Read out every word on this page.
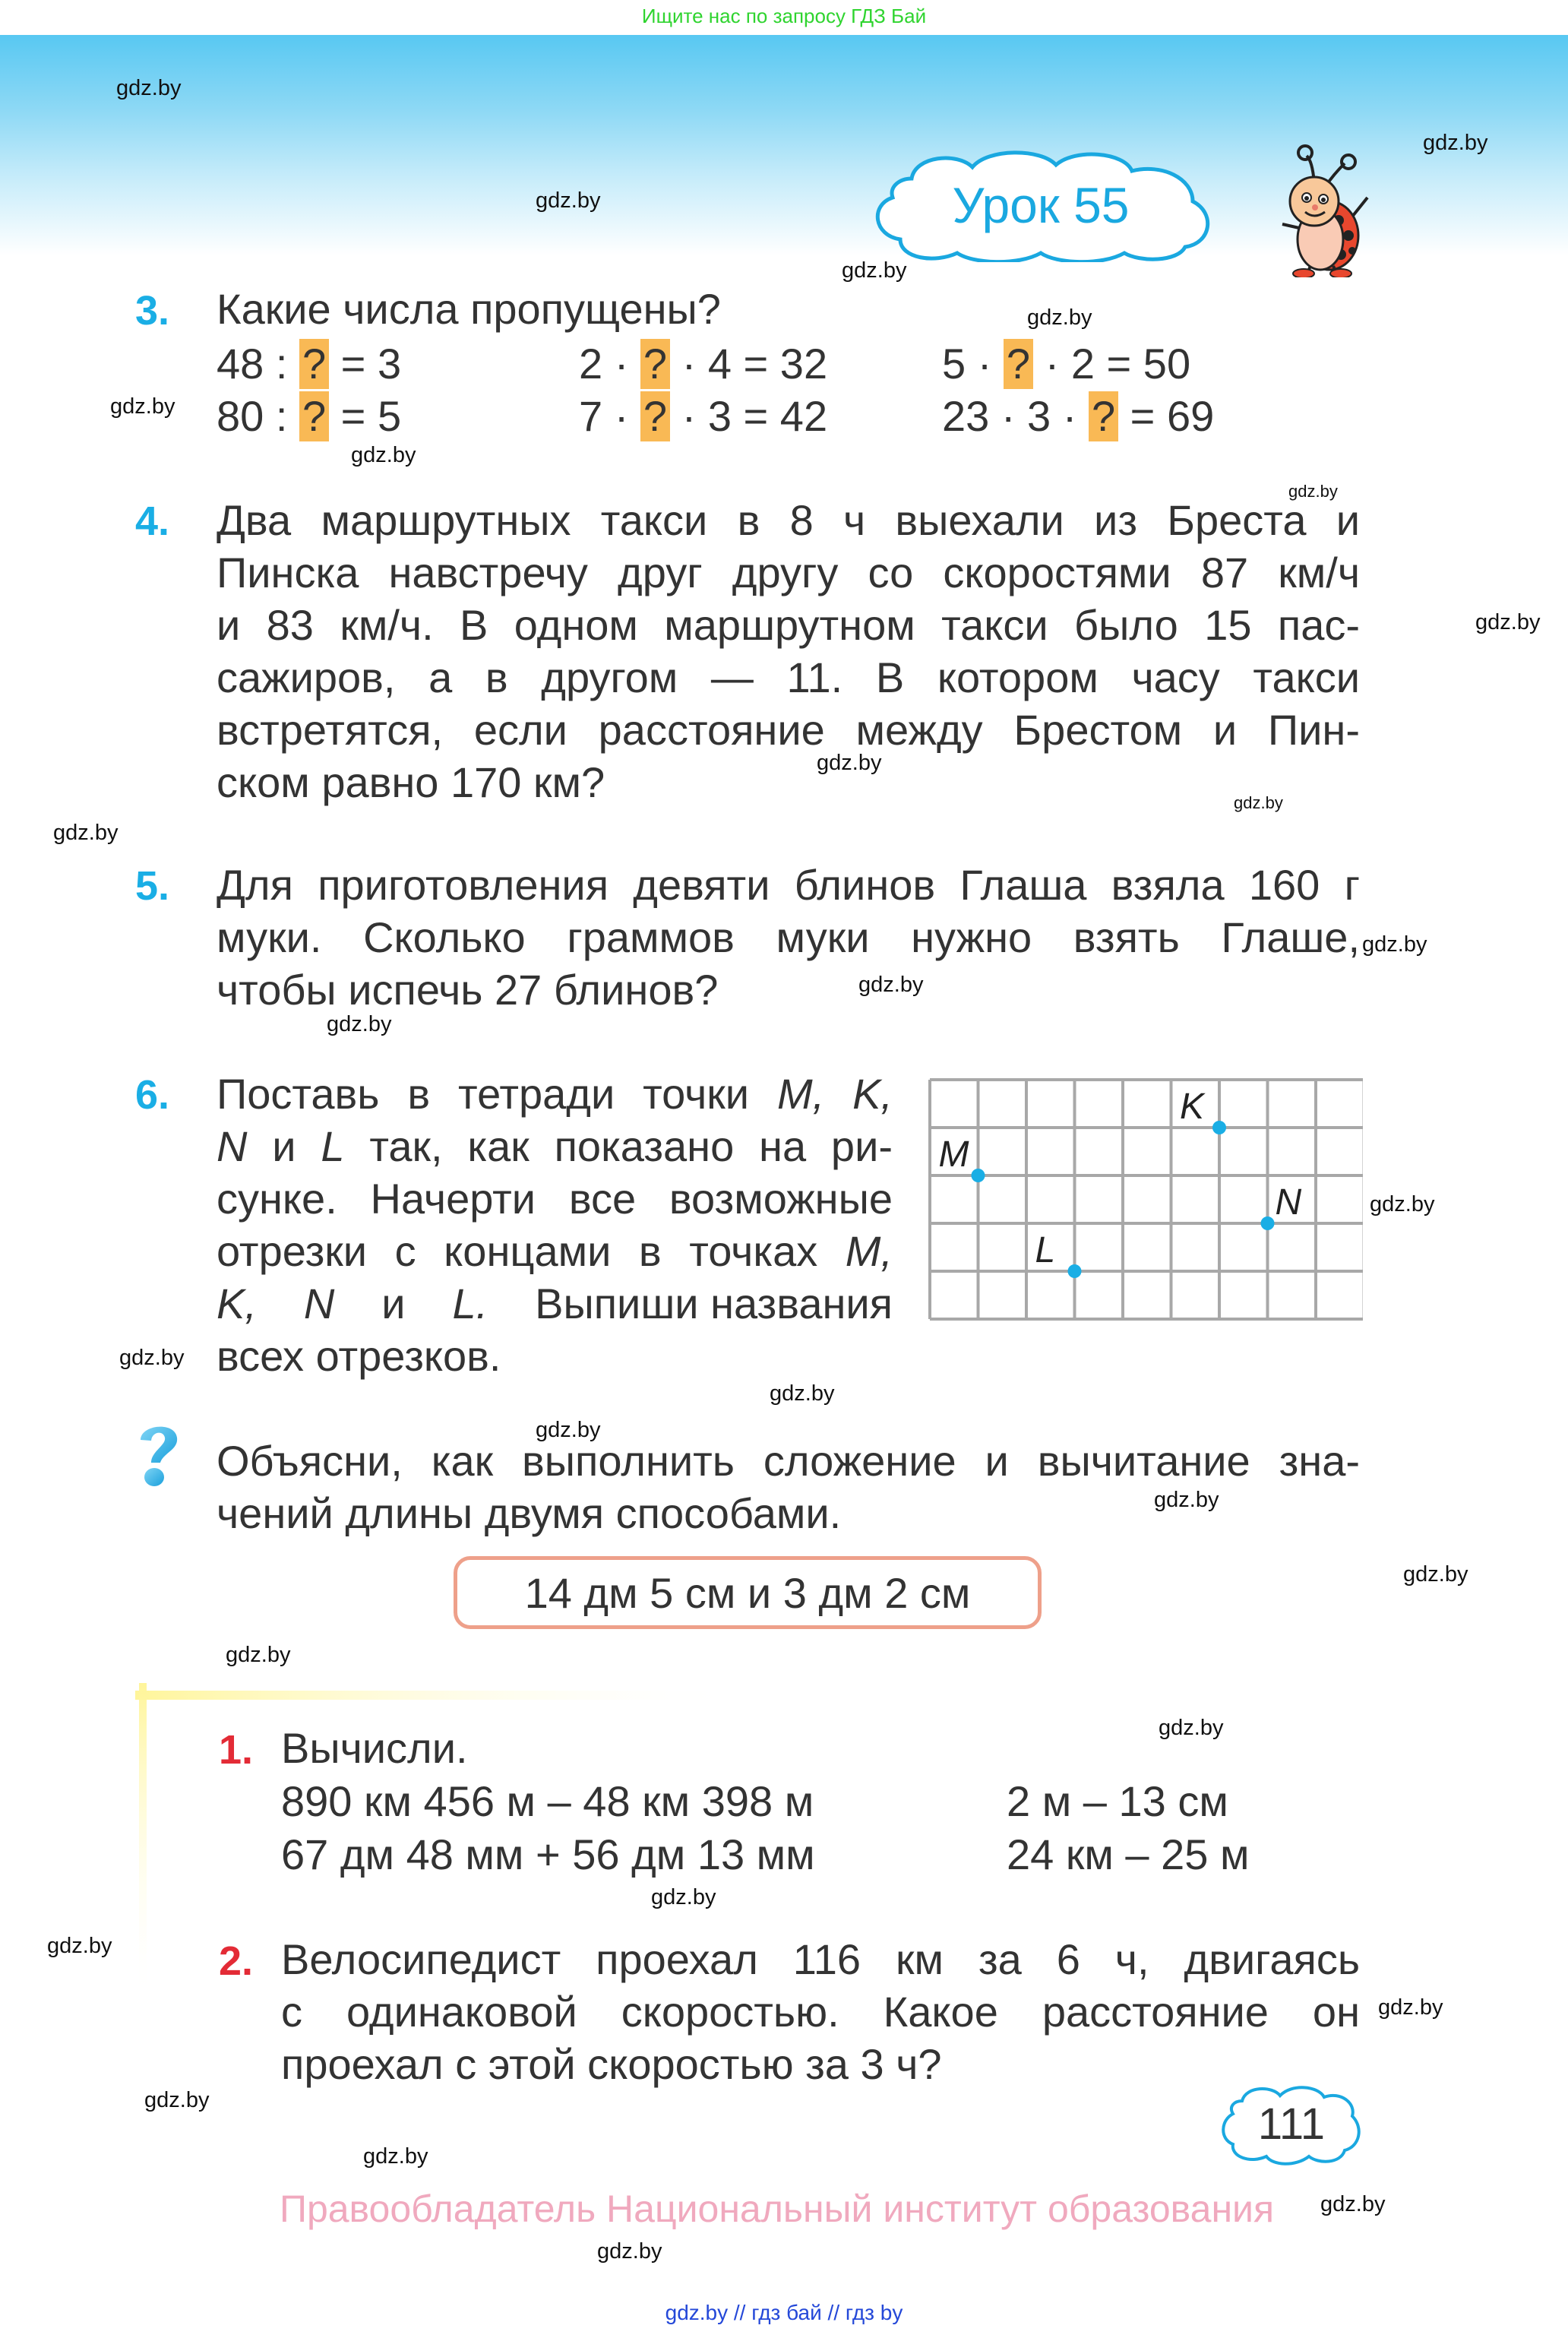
Ищите нас по запросу ГДЗ Бай
Урок 55
3. Какие числа пропущены?
48 : ? = 3	2 · ? · 4 = 32	5 · ? · 2 = 50
80 : ? = 5	7 · ? · 3 = 42	23 · 3 · ? = 69
4. Два маршрутных такси в 8 ч выехали из Бреста и
Пинска навстречу друг другу со скоростями 87 км/ч
и 83 км/ч. В одном маршрутном такси было 15 пас-
сажиров, а в другом — 11. В котором часу такси
встретятся, если расстояние между Брестом и Пин-
ском равно 170 км?
5. Для приготовления девяти блинов Глаша взяла 160 г
муки. Сколько граммов муки нужно взять Глаше,
чтобы испечь 27 блинов?
6. Поставь в тетради точки M, K,
N и L так, как показано на ри-
сунке. Начерти все возможные
отрезки с концами в точках M,
K, N и L. Выпиши названия
всех отрезков.
K
M
N
L
Объясни, как выполнить сложение и вычитание зна-
чений длины двумя способами.
14 дм 5 см и 3 дм 2 см
1. Вычисли.
890 км 456 м – 48 км 398 м	2 м – 13 см
67 дм 48 мм + 56 дм 13 мм	24 км – 25 м
2. Велосипедист проехал 116 км за 6 ч, двигаясь
с одинаковой скоростью. Какое расстояние он
проехал с этой скоростью за 3 ч?
111
Правообладатель Национальный институт образования
gdz.by // гдз бай // гдз by
gdz.by
gdz.by
gdz.by
gdz.by
gdz.by
gdz.by
gdz.by
gdz.by
gdz.by
gdz.by
gdz.by
gdz.by
gdz.by
gdz.by
gdz.by
gdz.by
gdz.by
gdz.by
gdz.by
gdz.by
gdz.by
gdz.by
gdz.by
gdz.by
gdz.by
gdz.by
gdz.by
gdz.by
gdz.by
gdz.by
